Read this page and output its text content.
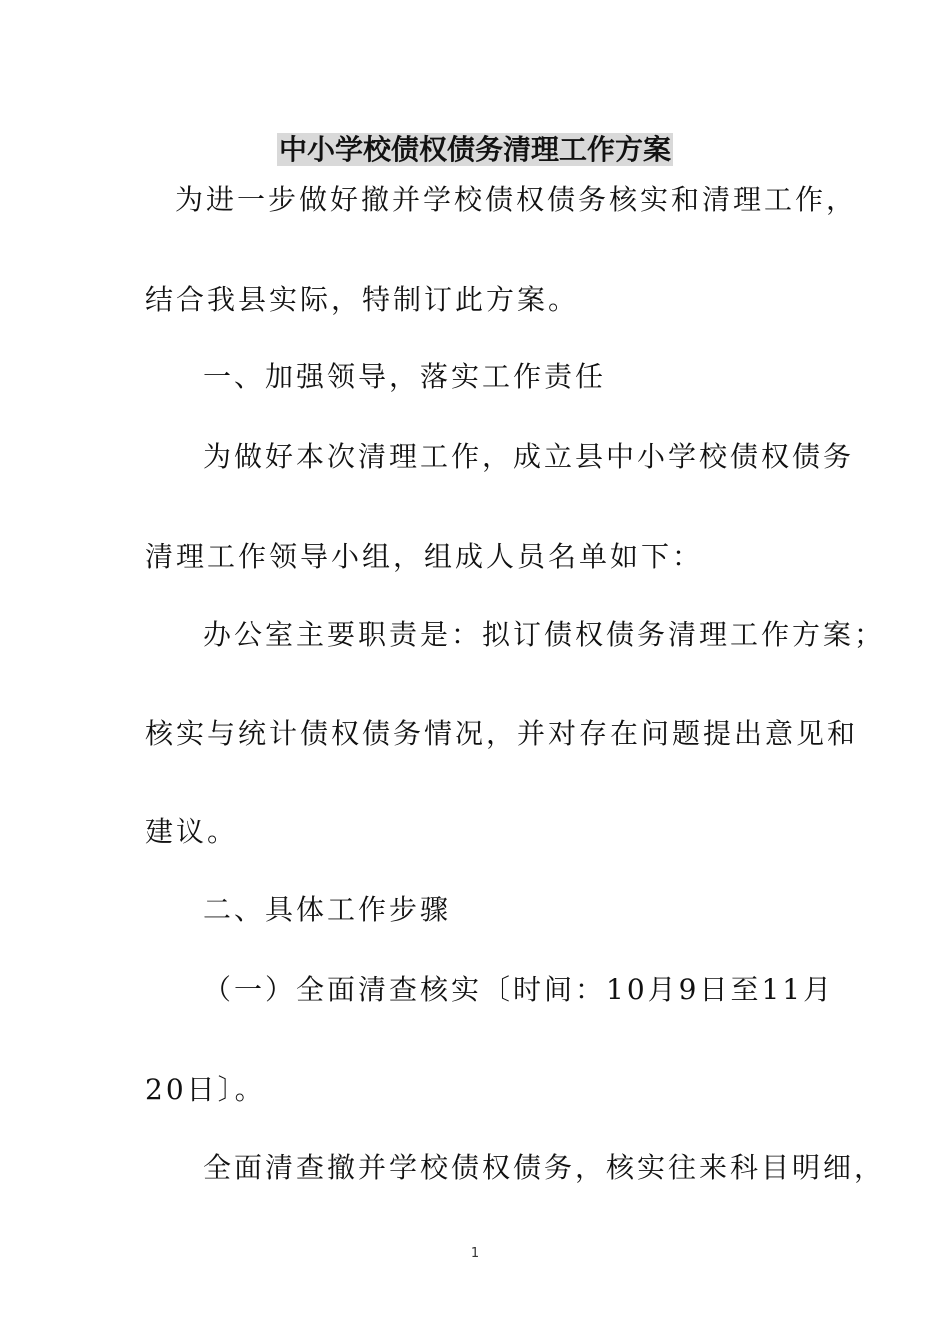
中小学校债权债务清理工作方案
为进一步做好撤并学校债权债务核实和清理工作，
结合我县实际，特制订此方案。
一、加强领导，落实工作责任
为做好本次清理工作，成立县中小学校债权债务
清理工作领导小组，组成人员名单如下：
办公室主要职责是：拟订债权债务清理工作方案；
核实与统计债权债务情况，并对存在问题提出意见和
建议。
二、具体工作步骤
（一）全面清查核实〔时间：10月9日至11月
20日〕。
全面清查撤并学校债权债务，核实往来科目明细，
1
